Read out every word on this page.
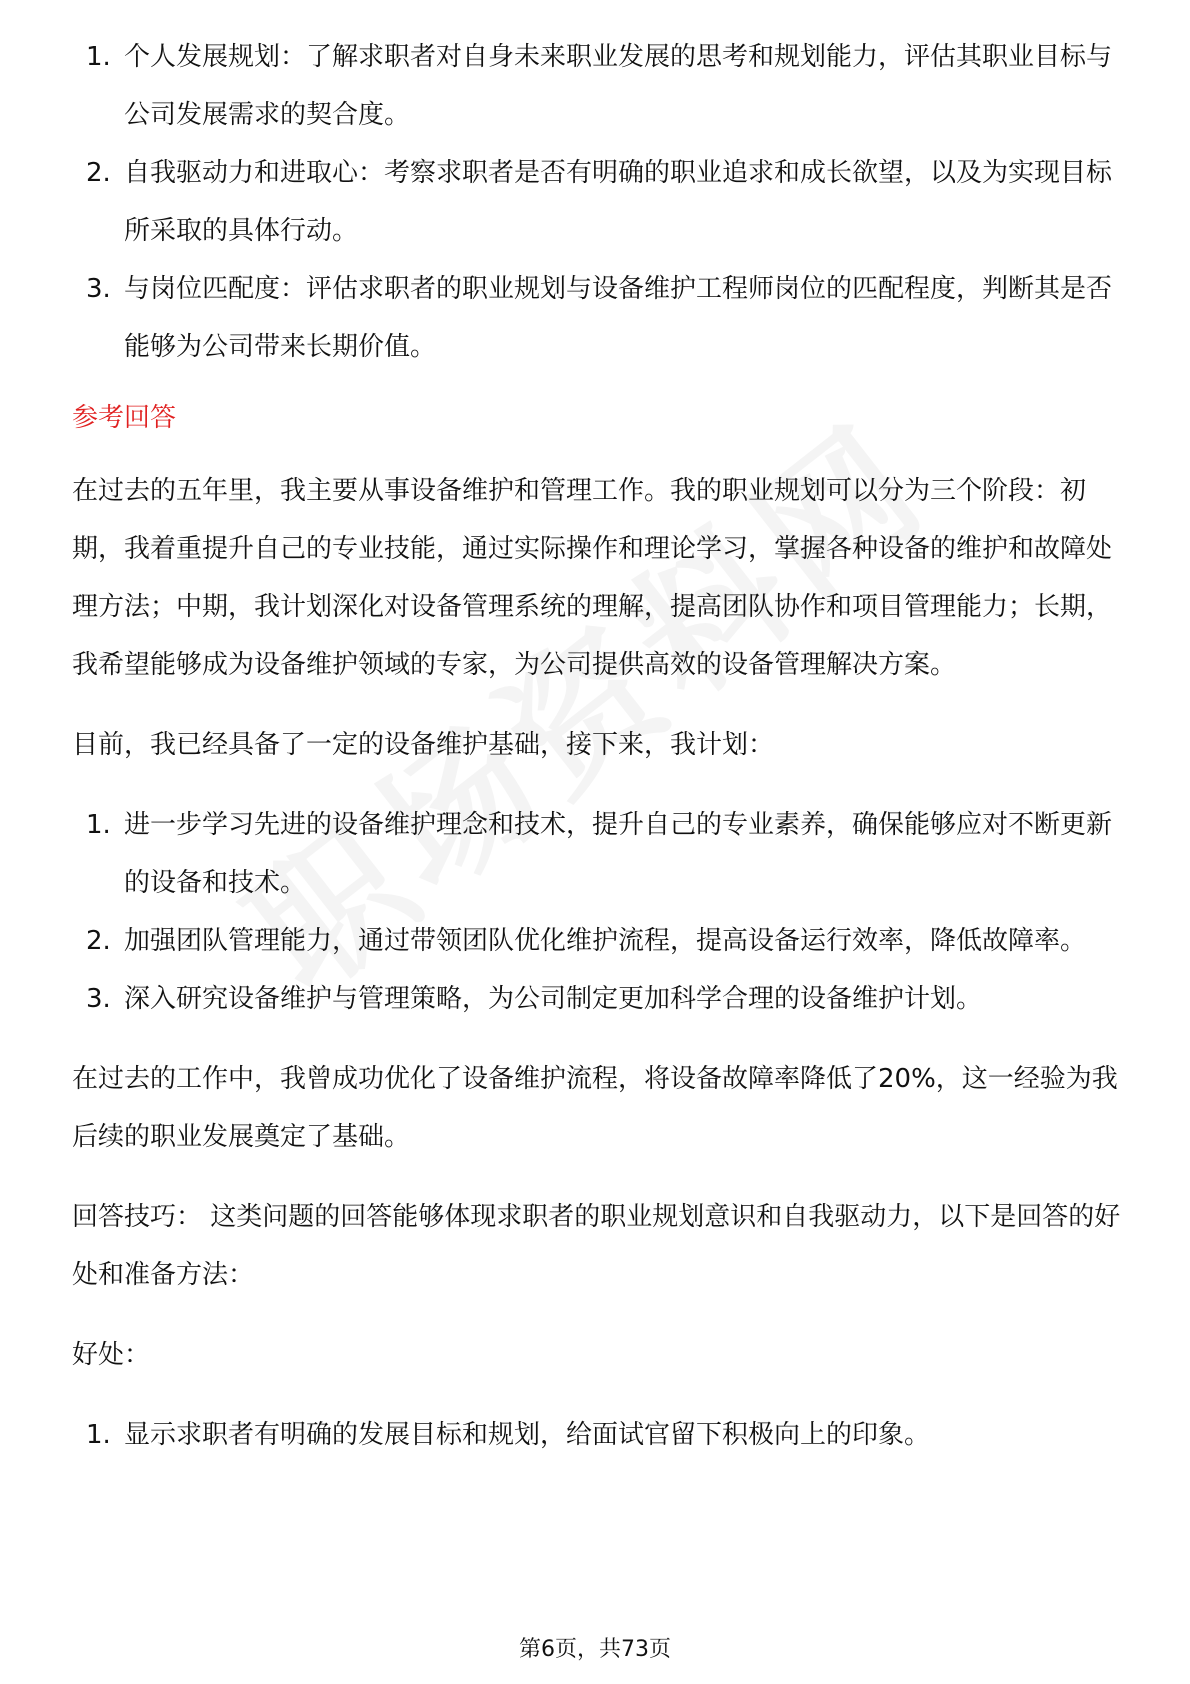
1. 个人发展规划：了解求职者对自身未来职业发展的思考和规划能力，评估其职业目标与公司发展需求的契合度。
2. 自我驱动力和进取心：考察求职者是否有明确的职业追求和成长欲望，以及为实现目标所采取的具体行动。
3. 与岗位匹配度：评估求职者的职业规划与设备维护工程师岗位的匹配程度，判断其是否能够为公司带来长期价值。
参考回答

在过去的五年里，我主要从事设备维护和管理工作。我的职业规划可以分为三个阶段：初期，我着重提升自己的专业技能，通过实际操作和理论学习，掌握各种设备的维护和故障处理方法；中期，我计划深化对设备管理系统的理解，提高团队协作和项目管理能力；长期，我希望能够成为设备维护领域的专家，为公司提供高效的设备管理解决方案。

目前，我已经具备了一定的设备维护基础，接下来，我计划：

1. 进一步学习先进的设备维护理念和技术，提升自己的专业素养，确保能够应对不断更新的设备和技术。
2. 加强团队管理能力，通过带领团队优化维护流程，提高设备运行效率，降低故障率。
3. 深入研究设备维护与管理策略，为公司制定更加科学合理的设备维护计划。

在过去的工作中，我曾成功优化了设备维护流程，将设备故障率降低了20%，这一经验为我后续的职业发展奠定了基础。

回答技巧： 这类问题的回答能够体现求职者的职业规划意识和自我驱动力，以下是回答的好处和准备方法：

好处：

1. 显示求职者有明确的发展目标和规划，给面试官留下积极向上的印象。
第6页，共73页
